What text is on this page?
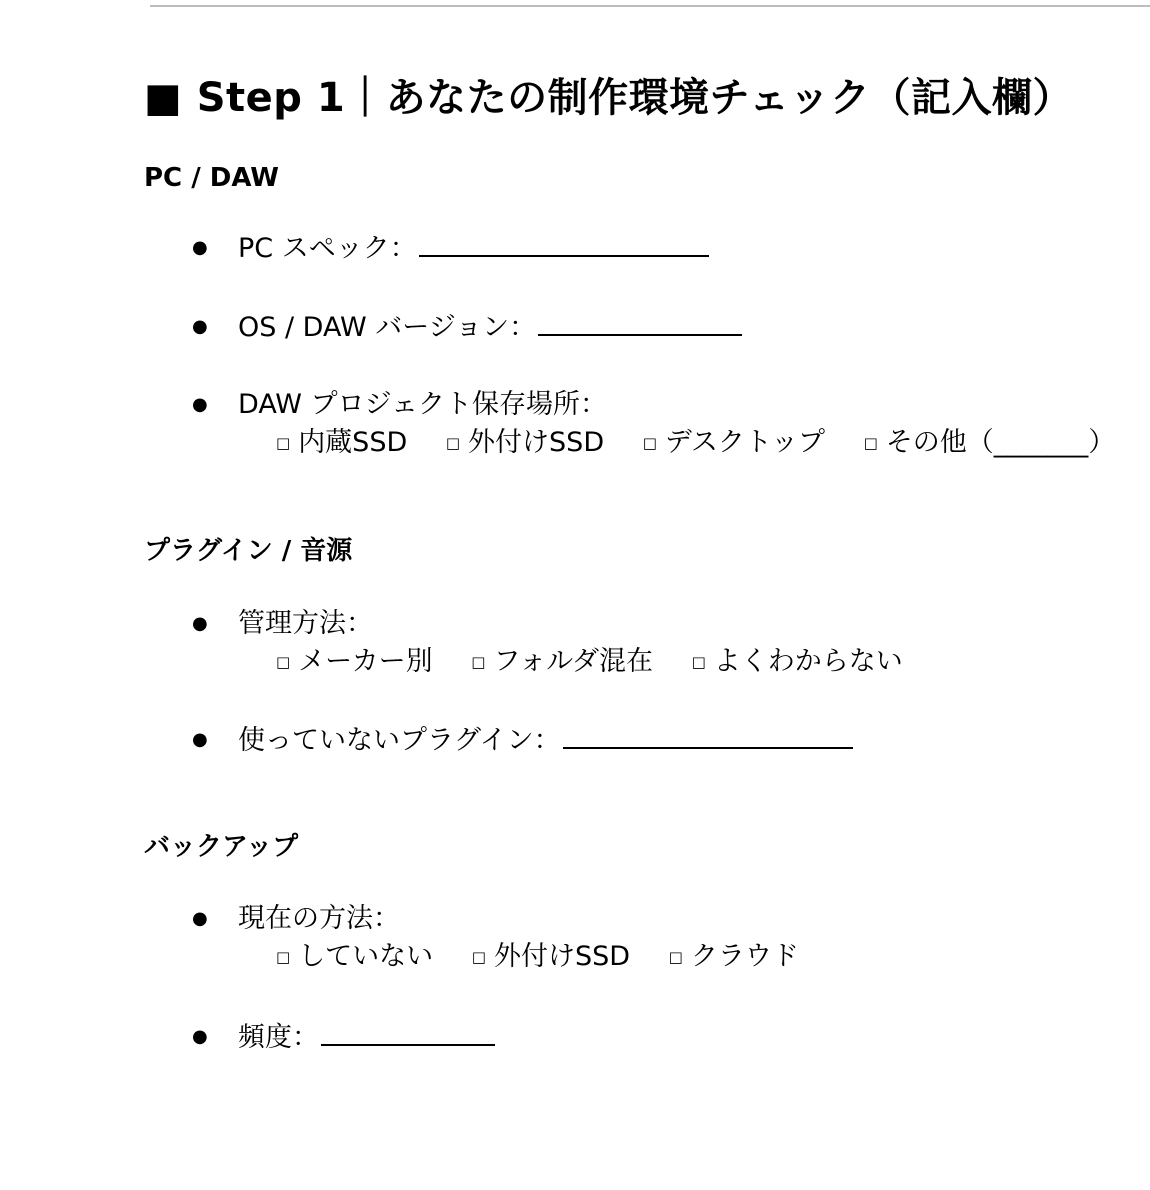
■ Step 1｜あなたの制作環境チェック（記入欄）
PC / DAW
●	PC スペック：
●	OS / DAW バージョン：
●	DAW プロジェクト保存場所：
□ 内蔵SSD	□ 外付けSSD	□ デスクトップ	□ その他（_______）
プラグイン / 音源
●	管理方法：
□ メーカー別	□ フォルダ混在	□ よくわからない
●	使っていないプラグイン：
バックアップ
●	現在の方法：
□ していない	□ 外付けSSD	□ クラウド
●	頻度：
